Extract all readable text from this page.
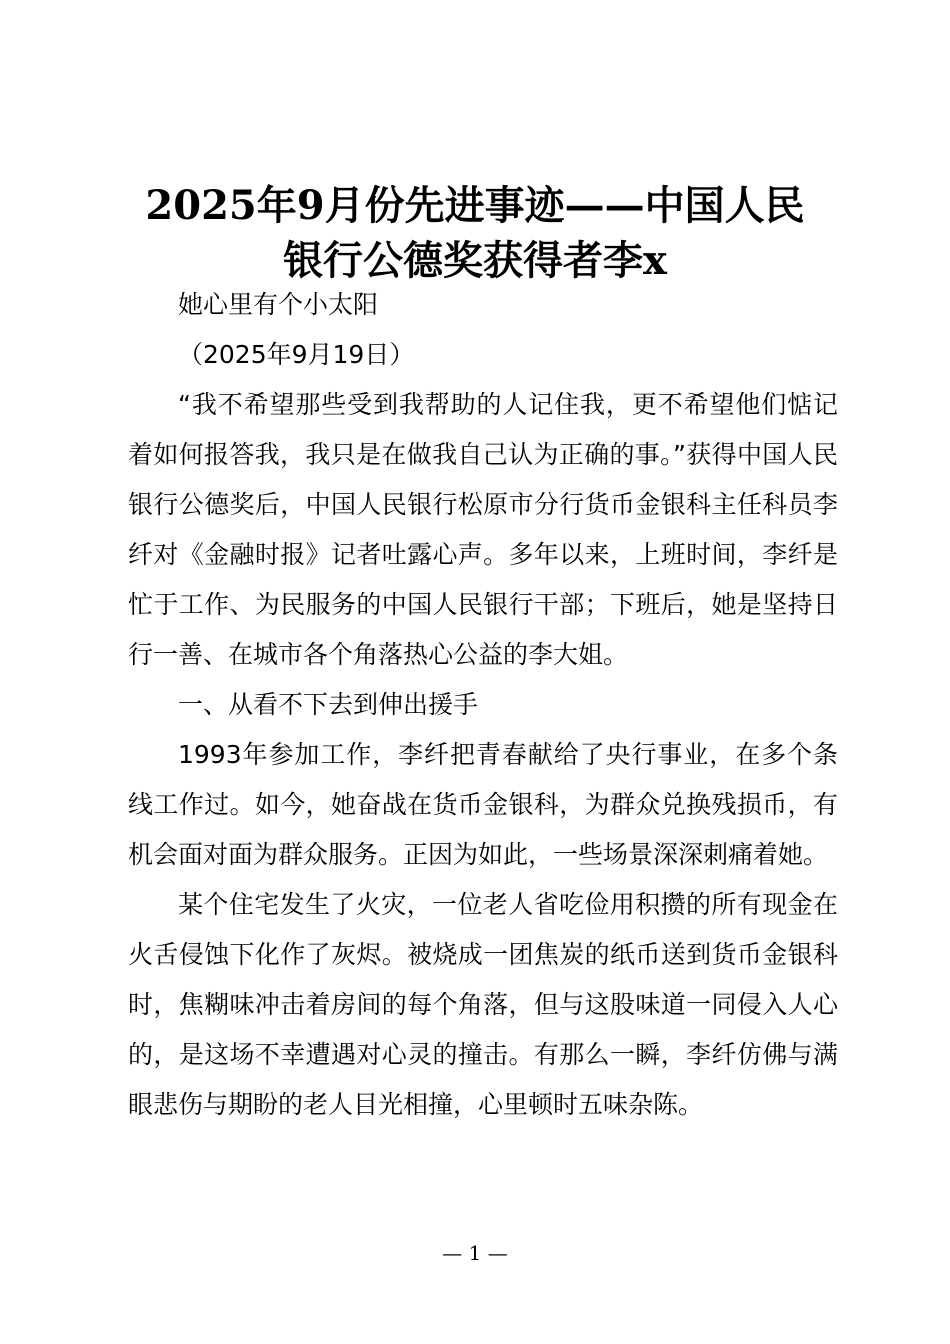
2025年9月份先进事迹——中国人民
银行公德奖获得者李x

她心里有个小太阳

（2025年9月19日）

“我不希望那些受到我帮助的人记住我，更不希望他们惦记着如何报答我，我只是在做我自己认为正确的事。”获得中国人民银行公德奖后，中国人民银行松原市分行货币金银科主任科员李纤对《金融时报》记者吐露心声。多年以来，上班时间，李纤是忙于工作、为民服务的中国人民银行干部；下班后，她是坚持日行一善、在城市各个角落热心公益的李大姐。

一、从看不下去到伸出援手

1993年参加工作，李纤把青春献给了央行事业，在多个条线工作过。如今，她奋战在货币金银科，为群众兑换残损币，有机会面对面为群众服务。正因为如此，一些场景深深刺痛着她。

某个住宅发生了火灾，一位老人省吃俭用积攒的所有现金在火舌侵蚀下化作了灰烬。被烧成一团焦炭的纸币送到货币金银科时，焦糊味冲击着房间的每个角落，但与这股味道一同侵入人心的，是这场不幸遭遇对心灵的撞击。有那么一瞬，李纤仿佛与满眼悲伤与期盼的老人目光相撞，心里顿时五味杂陈。

— 1 —
